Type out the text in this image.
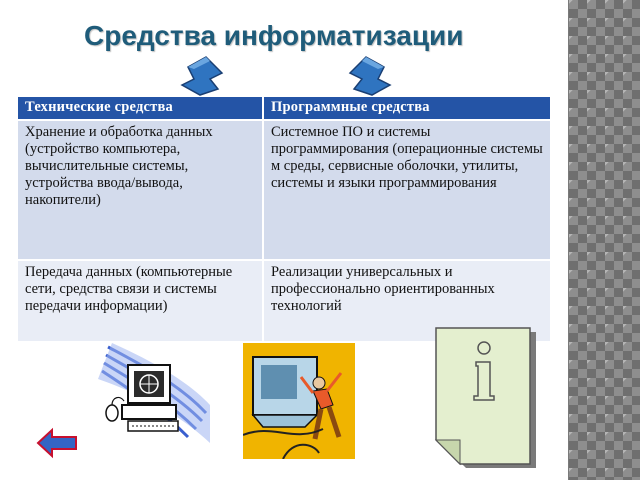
Средства информатизации
Технические средства	Программные средства
Хранение и обработка данных (устройство компьютера, вычислительные системы, устройства ввода/вывода, накопители)	Системное ПО и системы программирования (операционные системы м среды, сервисные оболочки, утилиты, системы и языки программирования
Передача данных (компьютерные сети, средства связи и системы передачи информации)	Реализации универсальных и профессионально ориентированных технологий
